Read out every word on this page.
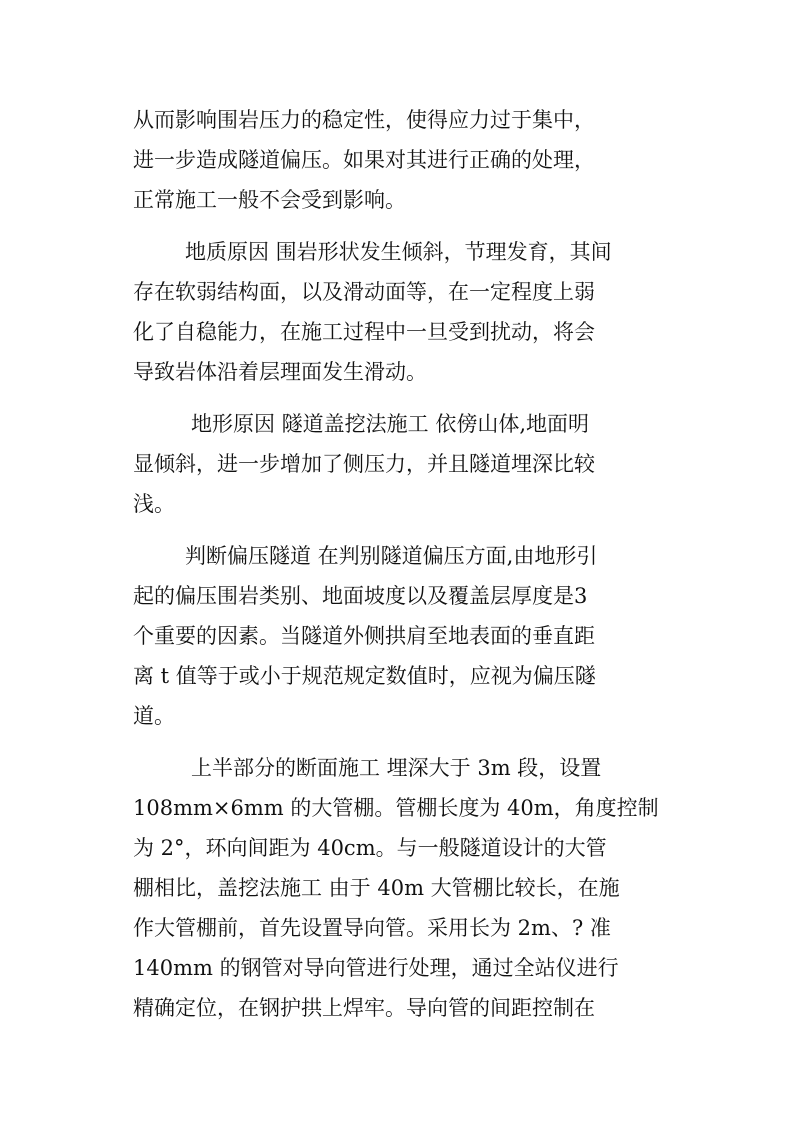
从而影响围岩压力的稳定性，使得应力过于集中，
进一步造成隧道偏压。如果对其进行正确的处理，
正常施工一般不会受到影响。
地质原因 围岩形状发生倾斜，节理发育，其间
存在软弱结构面，以及滑动面等，在一定程度上弱
化了自稳能力，在施工过程中一旦受到扰动，将会
导致岩体沿着层理面发生滑动。
地形原因 隧道盖挖法施工 依傍山体,地面明
显倾斜，进一步增加了侧压力，并且隧道埋深比较
浅。
判断偏压隧道 在判别隧道偏压方面,由地形引
起的偏压围岩类别、地面坡度以及覆盖层厚度是3
个重要的因素。当隧道外侧拱肩至地表面的垂直距
离 t 值等于或小于规范规定数值时，应视为偏压隧
道。
上半部分的断面施工 埋深大于 3m 段，设置
108mm×6mm 的大管棚。管棚长度为 40m，角度控制
为 2°，环向间距为 40cm。与一般隧道设计的大管
棚相比，盖挖法施工 由于 40m 大管棚比较长，在施
作大管棚前，首先设置导向管。采用长为 2m、? 准
140mm 的钢管对导向管进行处理，通过全站仪进行
精确定位，在钢护拱上焊牢。导向管的间距控制在
